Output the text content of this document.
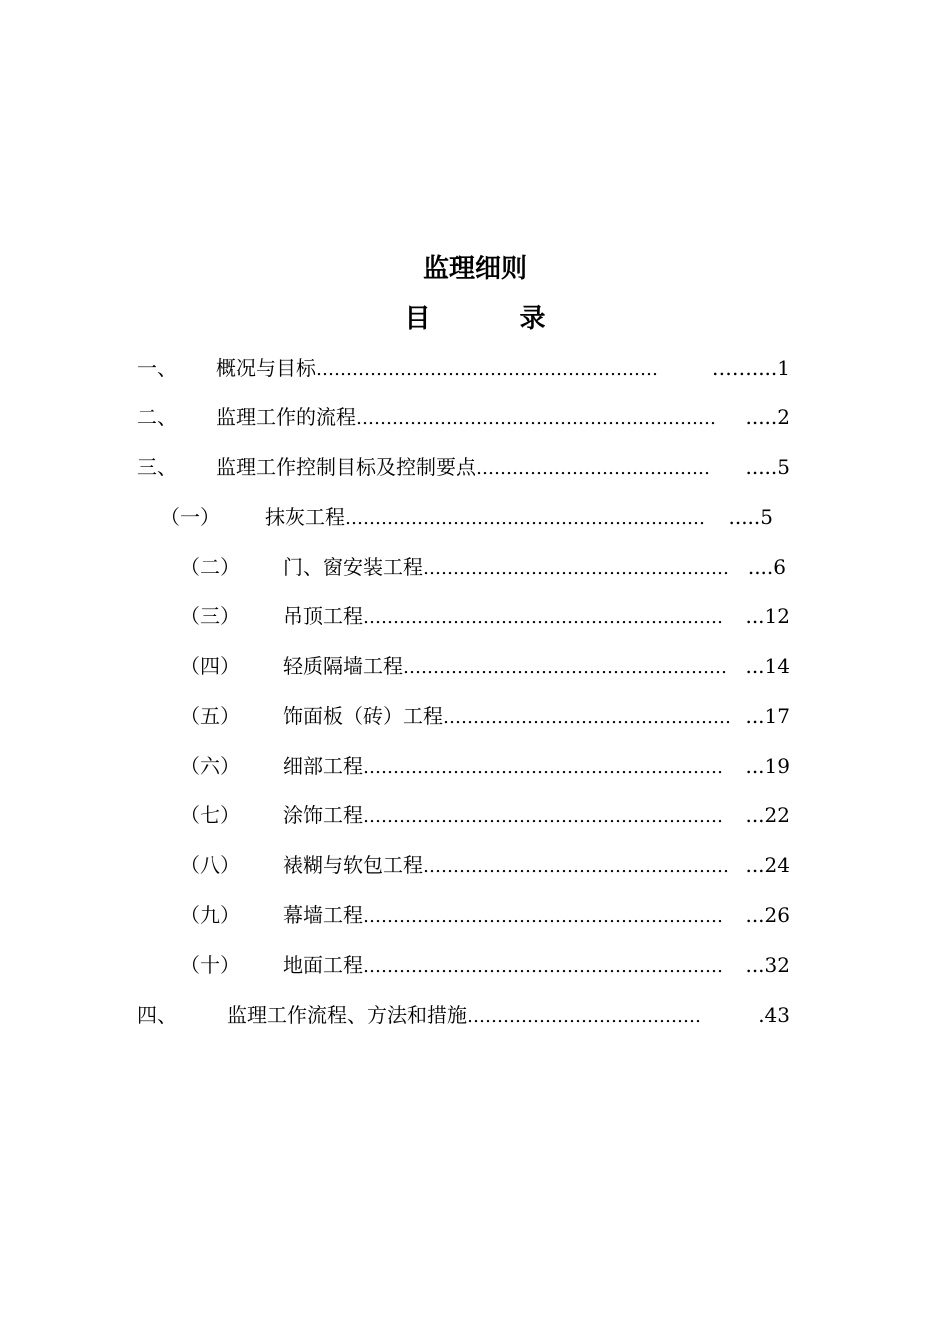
监理细则
目 录
一、 概况与目标 …………………………………………………	……....1
二、 监理工作的流程 ……………………………………………………	.....2
三、 监理工作控制目标及控制要点 …………………………………	.....5
（一） 抹灰工程 ……………………………………………………	.....5
（二） 门、窗安装工程 …………………………………………… ....6
（三） 吊顶工程 ……………………………………………………	...12
（四） 轻质隔墙工程 ……………………………………………… ...14
（五） 饰面板（砖）工程 ………………………………………… ...17
（六） 细部工程 ……………………………………………………	...19
（七） 涂饰工程 ……………………………………………………	...22
（八） 裱糊与软包工程 …………………………………………… ...24
（九） 幕墙工程 ……………………………………………………	...26
（十） 地面工程 ……………………………………………………	...32
四、	监理工作流程、方法和措施 …………………………………	.43
